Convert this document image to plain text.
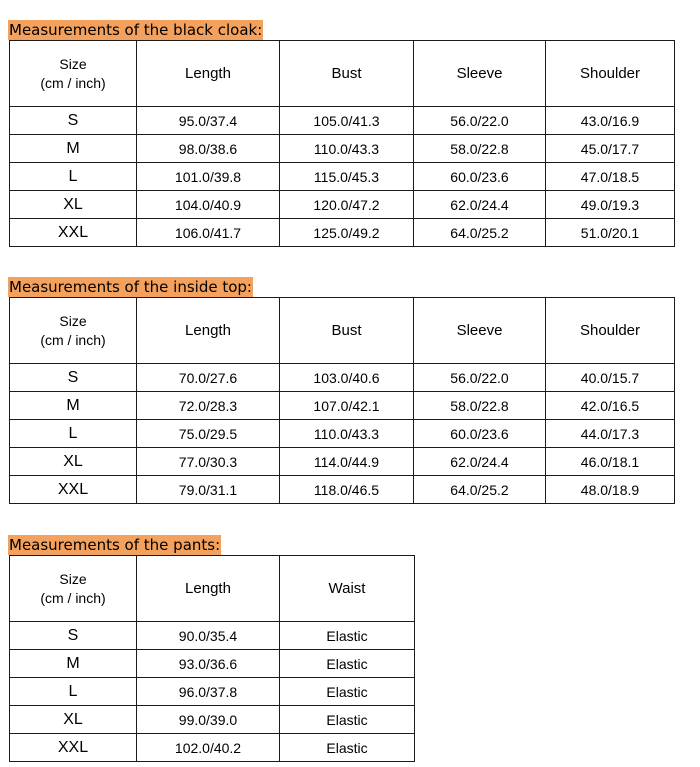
Measurements of the black cloak:
Size
(cm / inch)	Length	Bust	Sleeve	Shoulder
S	95.0/37.4	105.0/41.3	56.0/22.0	43.0/16.9
M	98.0/38.6	110.0/43.3	58.0/22.8	45.0/17.7
L	101.0/39.8	115.0/45.3	60.0/23.6	47.0/18.5
XL	104.0/40.9	120.0/47.2	62.0/24.4	49.0/19.3
XXL	106.0/41.7	125.0/49.2	64.0/25.2	51.0/20.1
Measurements of the inside top:
Size
(cm / inch)	Length	Bust	Sleeve	Shoulder
S	70.0/27.6	103.0/40.6	56.0/22.0	40.0/15.7
M	72.0/28.3	107.0/42.1	58.0/22.8	42.0/16.5
L	75.0/29.5	110.0/43.3	60.0/23.6	44.0/17.3
XL	77.0/30.3	114.0/44.9	62.0/24.4	46.0/18.1
XXL	79.0/31.1	118.0/46.5	64.0/25.2	48.0/18.9
Measurements of the pants:
Size
(cm / inch)	Length	Waist
S	90.0/35.4	Elastic
M	93.0/36.6	Elastic
L	96.0/37.8	Elastic
XL	99.0/39.0	Elastic
XXL	102.0/40.2	Elastic
